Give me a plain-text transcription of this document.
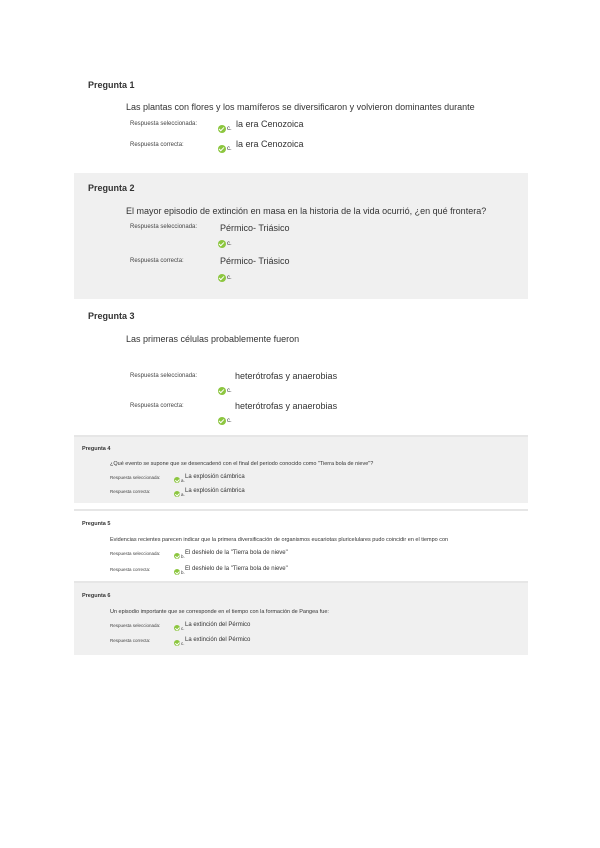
Pregunta 1
Las plantas con flores y los mamíferos se diversificaron y volvieron dominantes durante
Respuesta seleccionada:
c. la era Cenozoica
Respuesta correcta:
c. la era Cenozoica
Pregunta 2
El mayor episodio de extinción en masa en la historia de la vida ocurrió, ¿en qué frontera?
Respuesta seleccionada:	Pérmico- Triásico
c.
Respuesta correcta:	Pérmico- Triásico
c.
Pregunta 3
Las primeras células probablemente fueron
Respuesta seleccionada:	heterótrofas y anaerobias
c.
Respuesta correcta:	heterótrofas y anaerobias
c.
Pregunta 4
¿Qué evento se supone que se desencadenó con el final del periodo conocido como "Tierra bola de nieve"?
Respuesta seleccionada:	a. La explosión cámbrica
Respuesta correcta:	a. La explosión cámbrica
Pregunta 5
Evidencias recientes parecen indicar que la primera diversificación de organismos eucariotas pluricelulares pudo coincidir en el tiempo con
Respuesta seleccionada:	b. El deshielo de la "Tierra bola de nieve"
Respuesta correcta:	b. El deshielo de la "Tierra bola de nieve"
Pregunta 6
Un episodio importante que se corresponde en el tiempo con la formación de Pangea fue:
Respuesta seleccionada:	c. La extinción del Pérmico
Respuesta correcta:	c. La extinción del Pérmico
